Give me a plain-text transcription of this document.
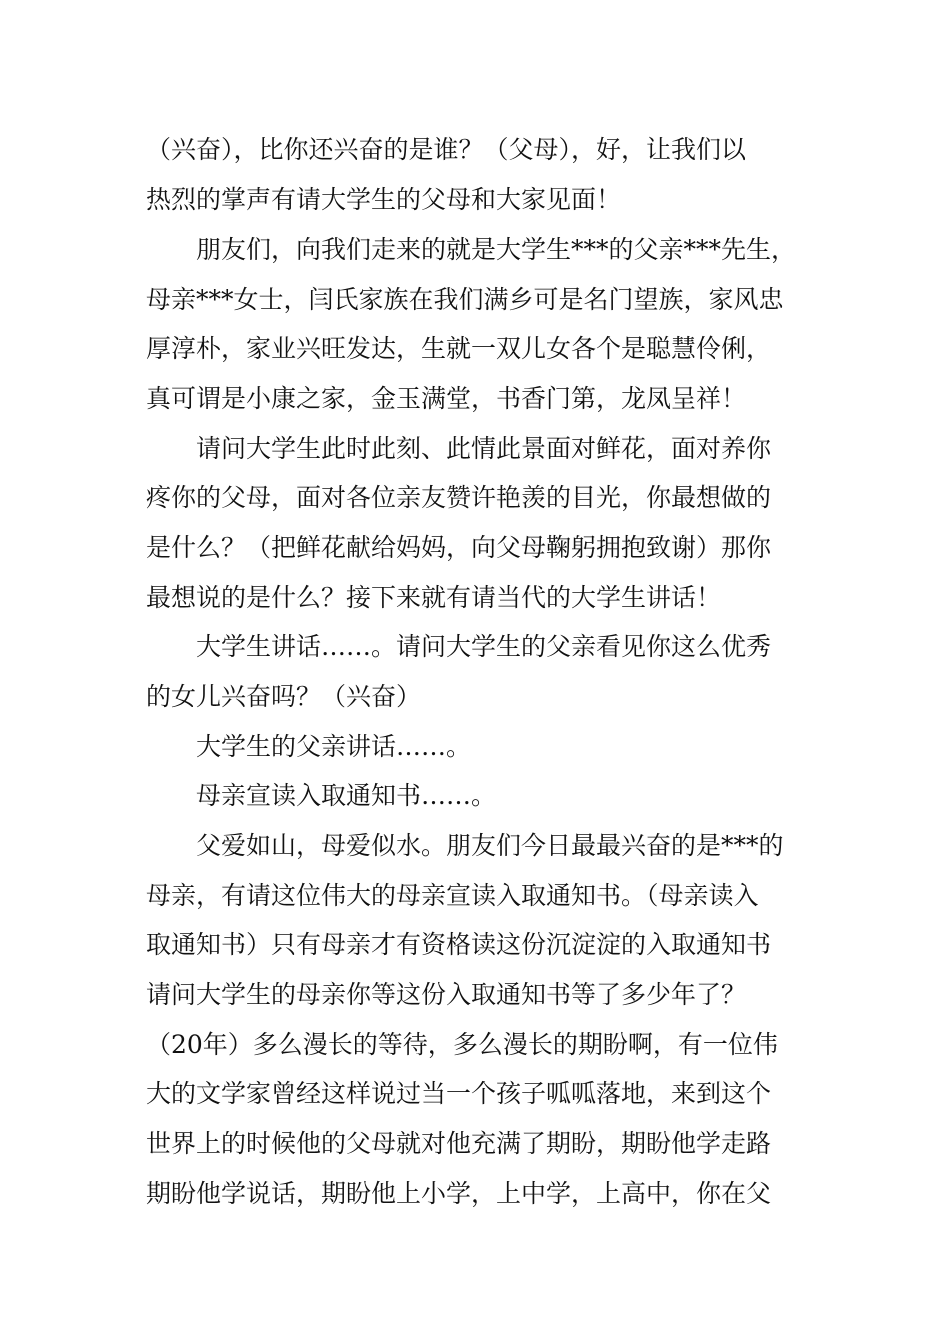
（兴奋），比你还兴奋的是谁？（父母），好，让我们以
热烈的掌声有请大学生的父母和大家见面！
朋友们，向我们走来的就是大学生***的父亲***先生，
母亲***女士，闫氏家族在我们满乡可是名门望族，家风忠
厚淳朴，家业兴旺发达，生就一双儿女各个是聪慧伶俐，
真可谓是小康之家，金玉满堂，书香门第，龙凤呈祥！
请问大学生此时此刻、此情此景面对鲜花，面对养你
疼你的父母，面对各位亲友赞许艳羡的目光，你最想做的
是什么？（把鲜花献给妈妈，向父母鞠躬拥抱致谢）那你
最想说的是什么？接下来就有请当代的大学生讲话！
大学生讲话……。请问大学生的父亲看见你这么优秀
的女儿兴奋吗？（兴奋）
大学生的父亲讲话……。
母亲宣读入取通知书……。
父爱如山，母爱似水。朋友们今日最最兴奋的是***的
母亲，有请这位伟大的母亲宣读入取通知书。（母亲读入
取通知书）只有母亲才有资格读这份沉淀淀的入取通知书
请问大学生的母亲你等这份入取通知书等了多少年了？
（20年）多么漫长的等待，多么漫长的期盼啊，有一位伟
大的文学家曾经这样说过当一个孩子呱呱落地，来到这个
世界上的时候他的父母就对他充满了期盼，期盼他学走路
期盼他学说话，期盼他上小学，上中学，上高中，你在父
